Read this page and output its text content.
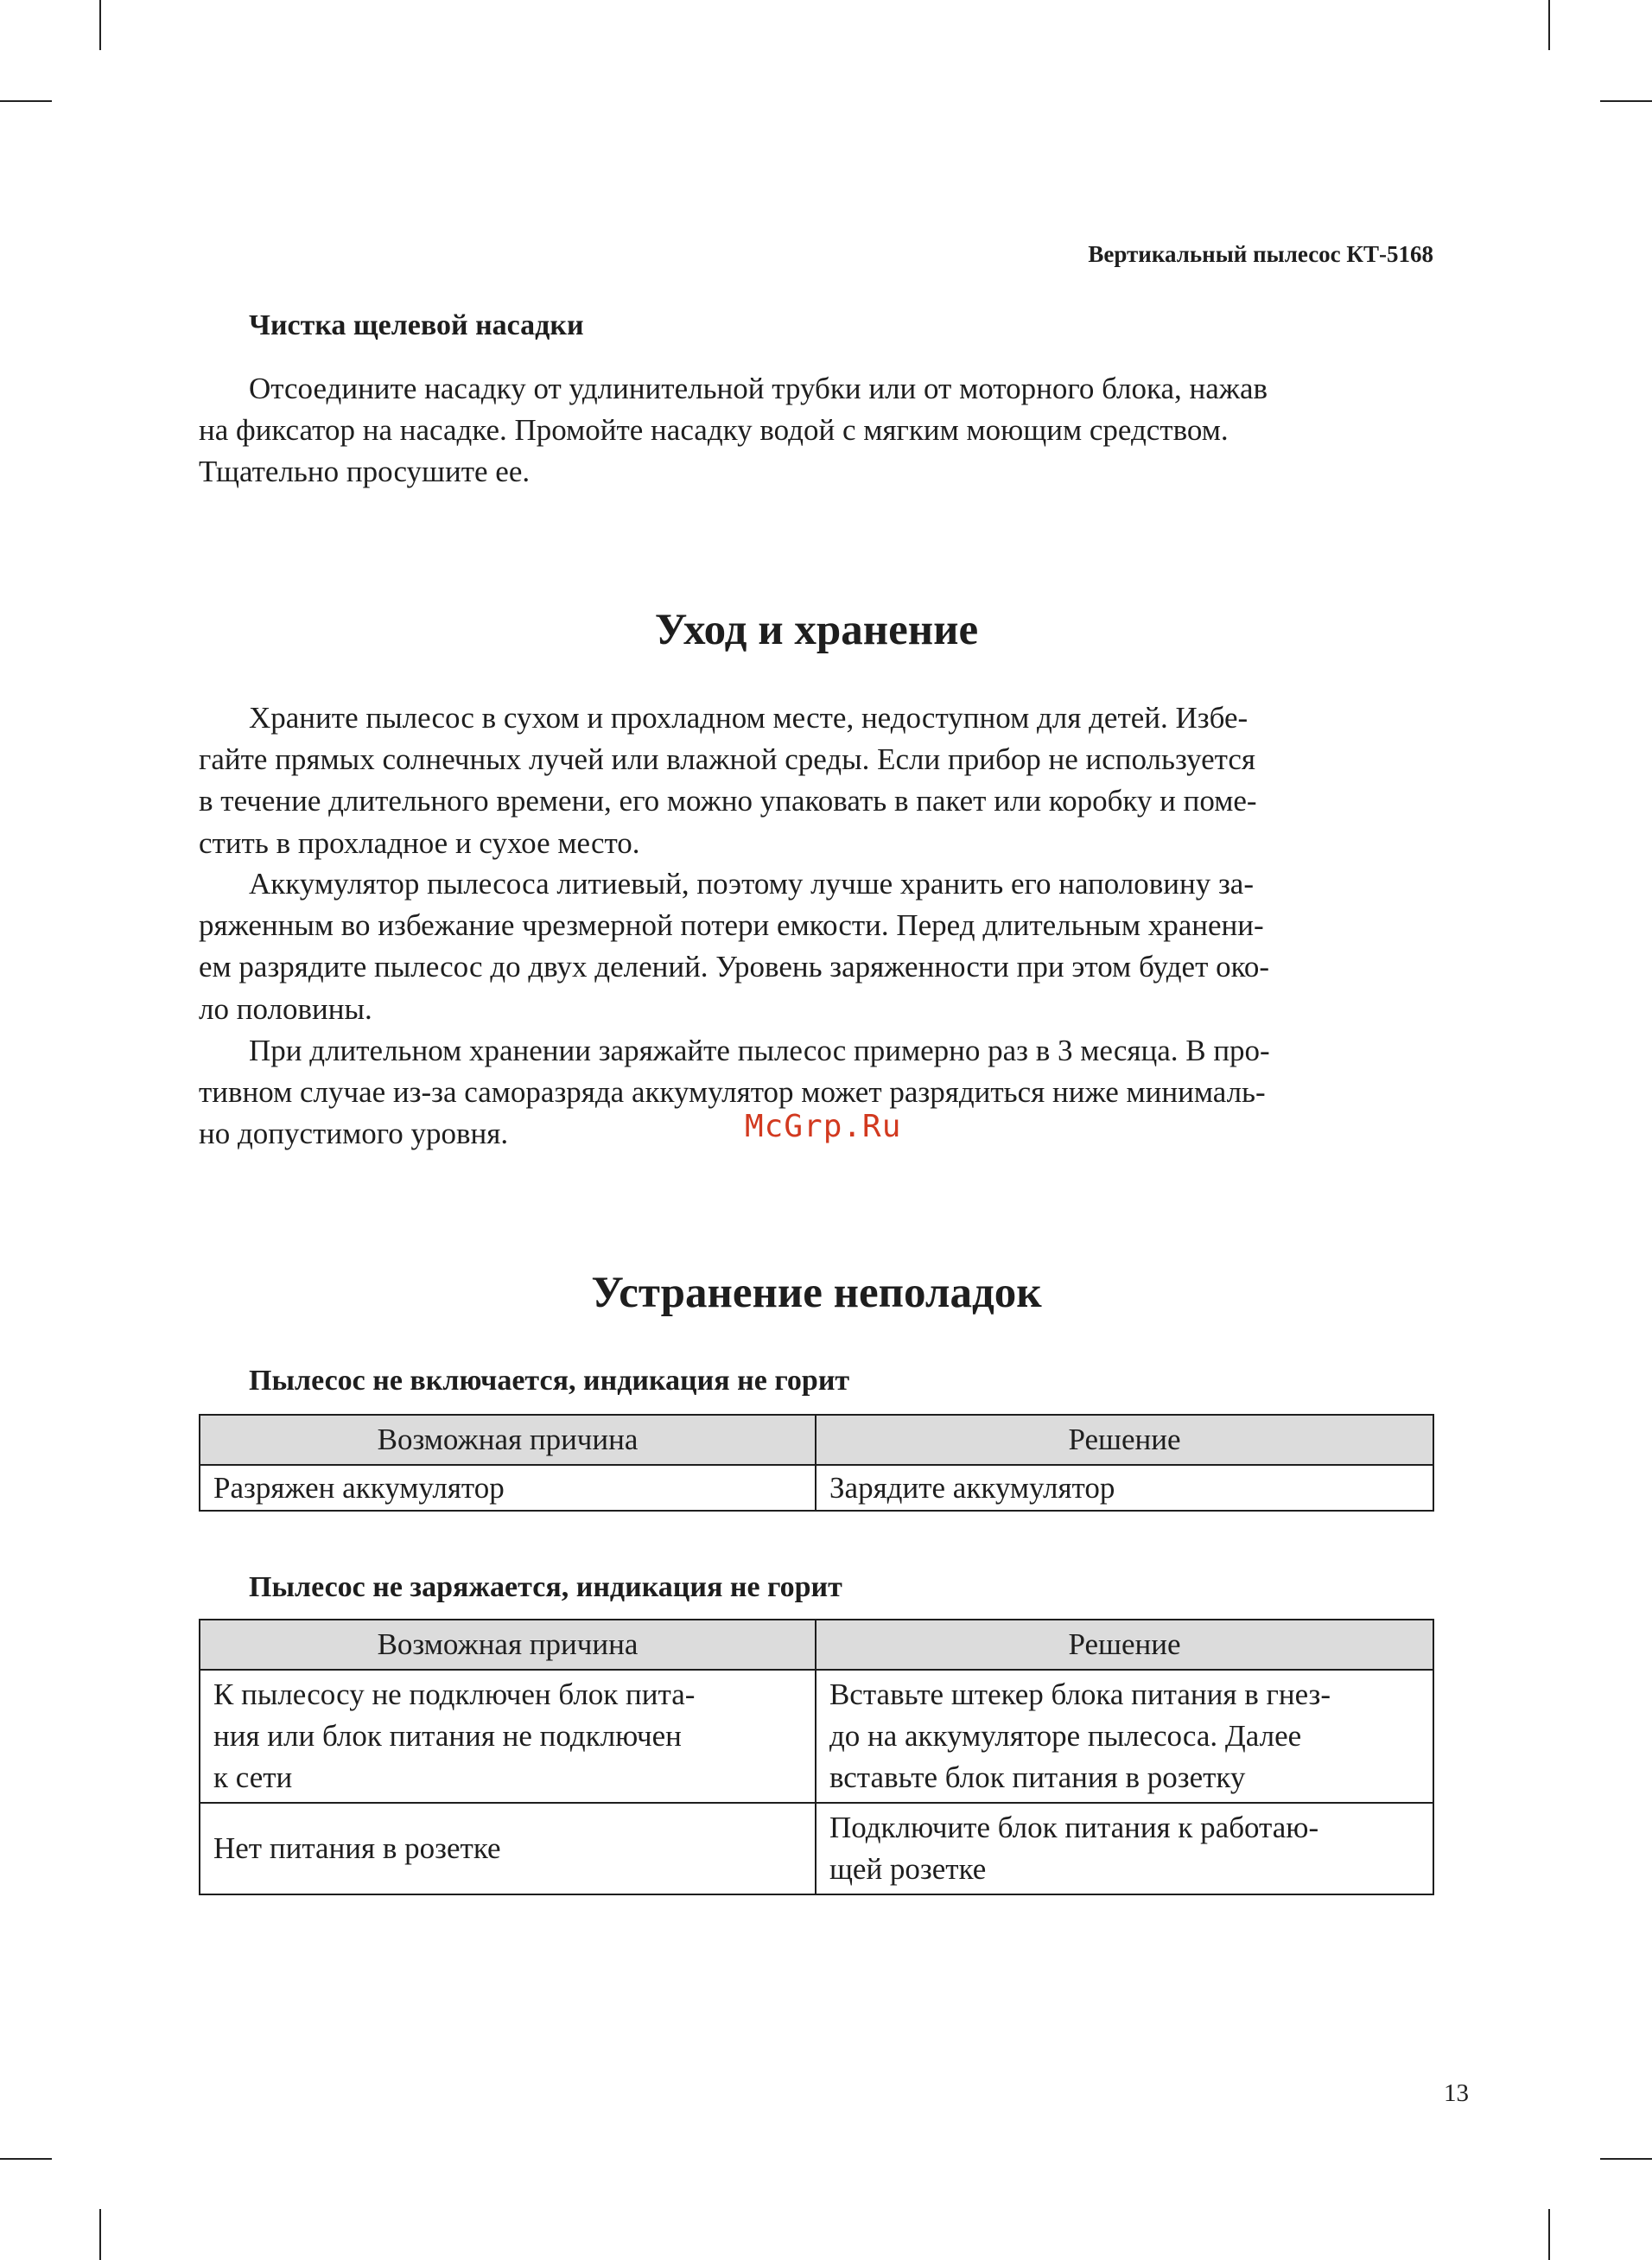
Вертикальный пылесос КТ-5168
Чистка щелевой насадки
Отсоедините насадку от удлинительной трубки или от моторного блока, нажав
на фиксатор на насадке. Промойте насадку водой с мягким моющим средством.
Тщательно просушите ее.
Уход и хранение
Храните пылесос в сухом и прохладном месте, недоступном для детей. Избе-
гайте прямых солнечных лучей или влажной среды. Если прибор не используется
в течение длительного времени, его можно упаковать в пакет или коробку и поме-
стить в прохладное и сухое место.
Аккумулятор пылесоса литиевый, поэтому лучше хранить его наполовину за-
ряженным во избежание чрезмерной потери емкости. Перед длительным хранени-
ем разрядите пылесос до двух делений. Уровень заряженности при этом будет око-
ло половины.
При длительном хранении заряжайте пылесос примерно раз в 3 месяца. В про-
тивном случае из-за саморазряда аккумулятор может разрядиться ниже минималь-
но допустимого уровня.	McGrp.Ru
Устранение неполадок
Пылесос не включается, индикация не горит
Возможная причина	Решение
Разряжен аккумулятор	Зарядите аккумулятор
Пылесос не заряжается, индикация не горит
Возможная причина	Решение

К пылесосу не подключен блок пита-
ния или блок питания не подключен
к сети	Вставьте штекер блока питания в гнез-
до на аккумуляторе пылесоса. Далее
вставьте блок питания в розетку

Нет питания в розетке	Подключите блок питания к работаю-
щей розетке
13
